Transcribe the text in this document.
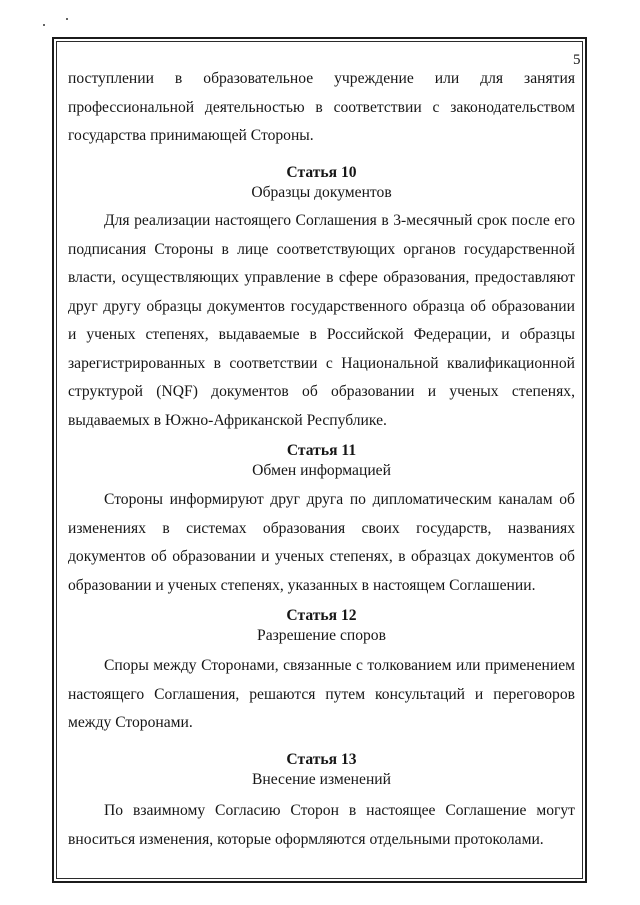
5

поступлении в образовательное учреждение или для занятия профессиональной деятельностью в соответствии с законодательством государства принимающей Стороны.

Статья 10
Образцы документов

Для реализации настоящего Соглашения в 3-месячный срок после его подписания Стороны в лице соответствующих органов государственной власти, осуществляющих управление в сфере образования, предоставляют друг другу образцы документов государственного образца об образовании и ученых степенях, выдаваемые в Российской Федерации, и образцы зарегистрированных в соответствии с Национальной квалификационной структурой (NQF) документов об образовании и ученых степенях, выдаваемых в Южно-Африканской Республике.

Статья 11
Обмен информацией

Стороны информируют друг друга по дипломатическим каналам об изменениях в системах образования своих государств, названиях документов об образовании и ученых степенях, в образцах документов об образовании и ученых степенях, указанных в настоящем Соглашении.

Статья 12
Разрешение споров

Споры между Сторонами, связанные с толкованием или применением настоящего Соглашения, решаются путем консультаций и переговоров между Сторонами.

Статья 13
Внесение изменений

По взаимному Согласию Сторон в настоящее Соглашение могут вноситься изменения, которые оформляются отдельными протоколами.
